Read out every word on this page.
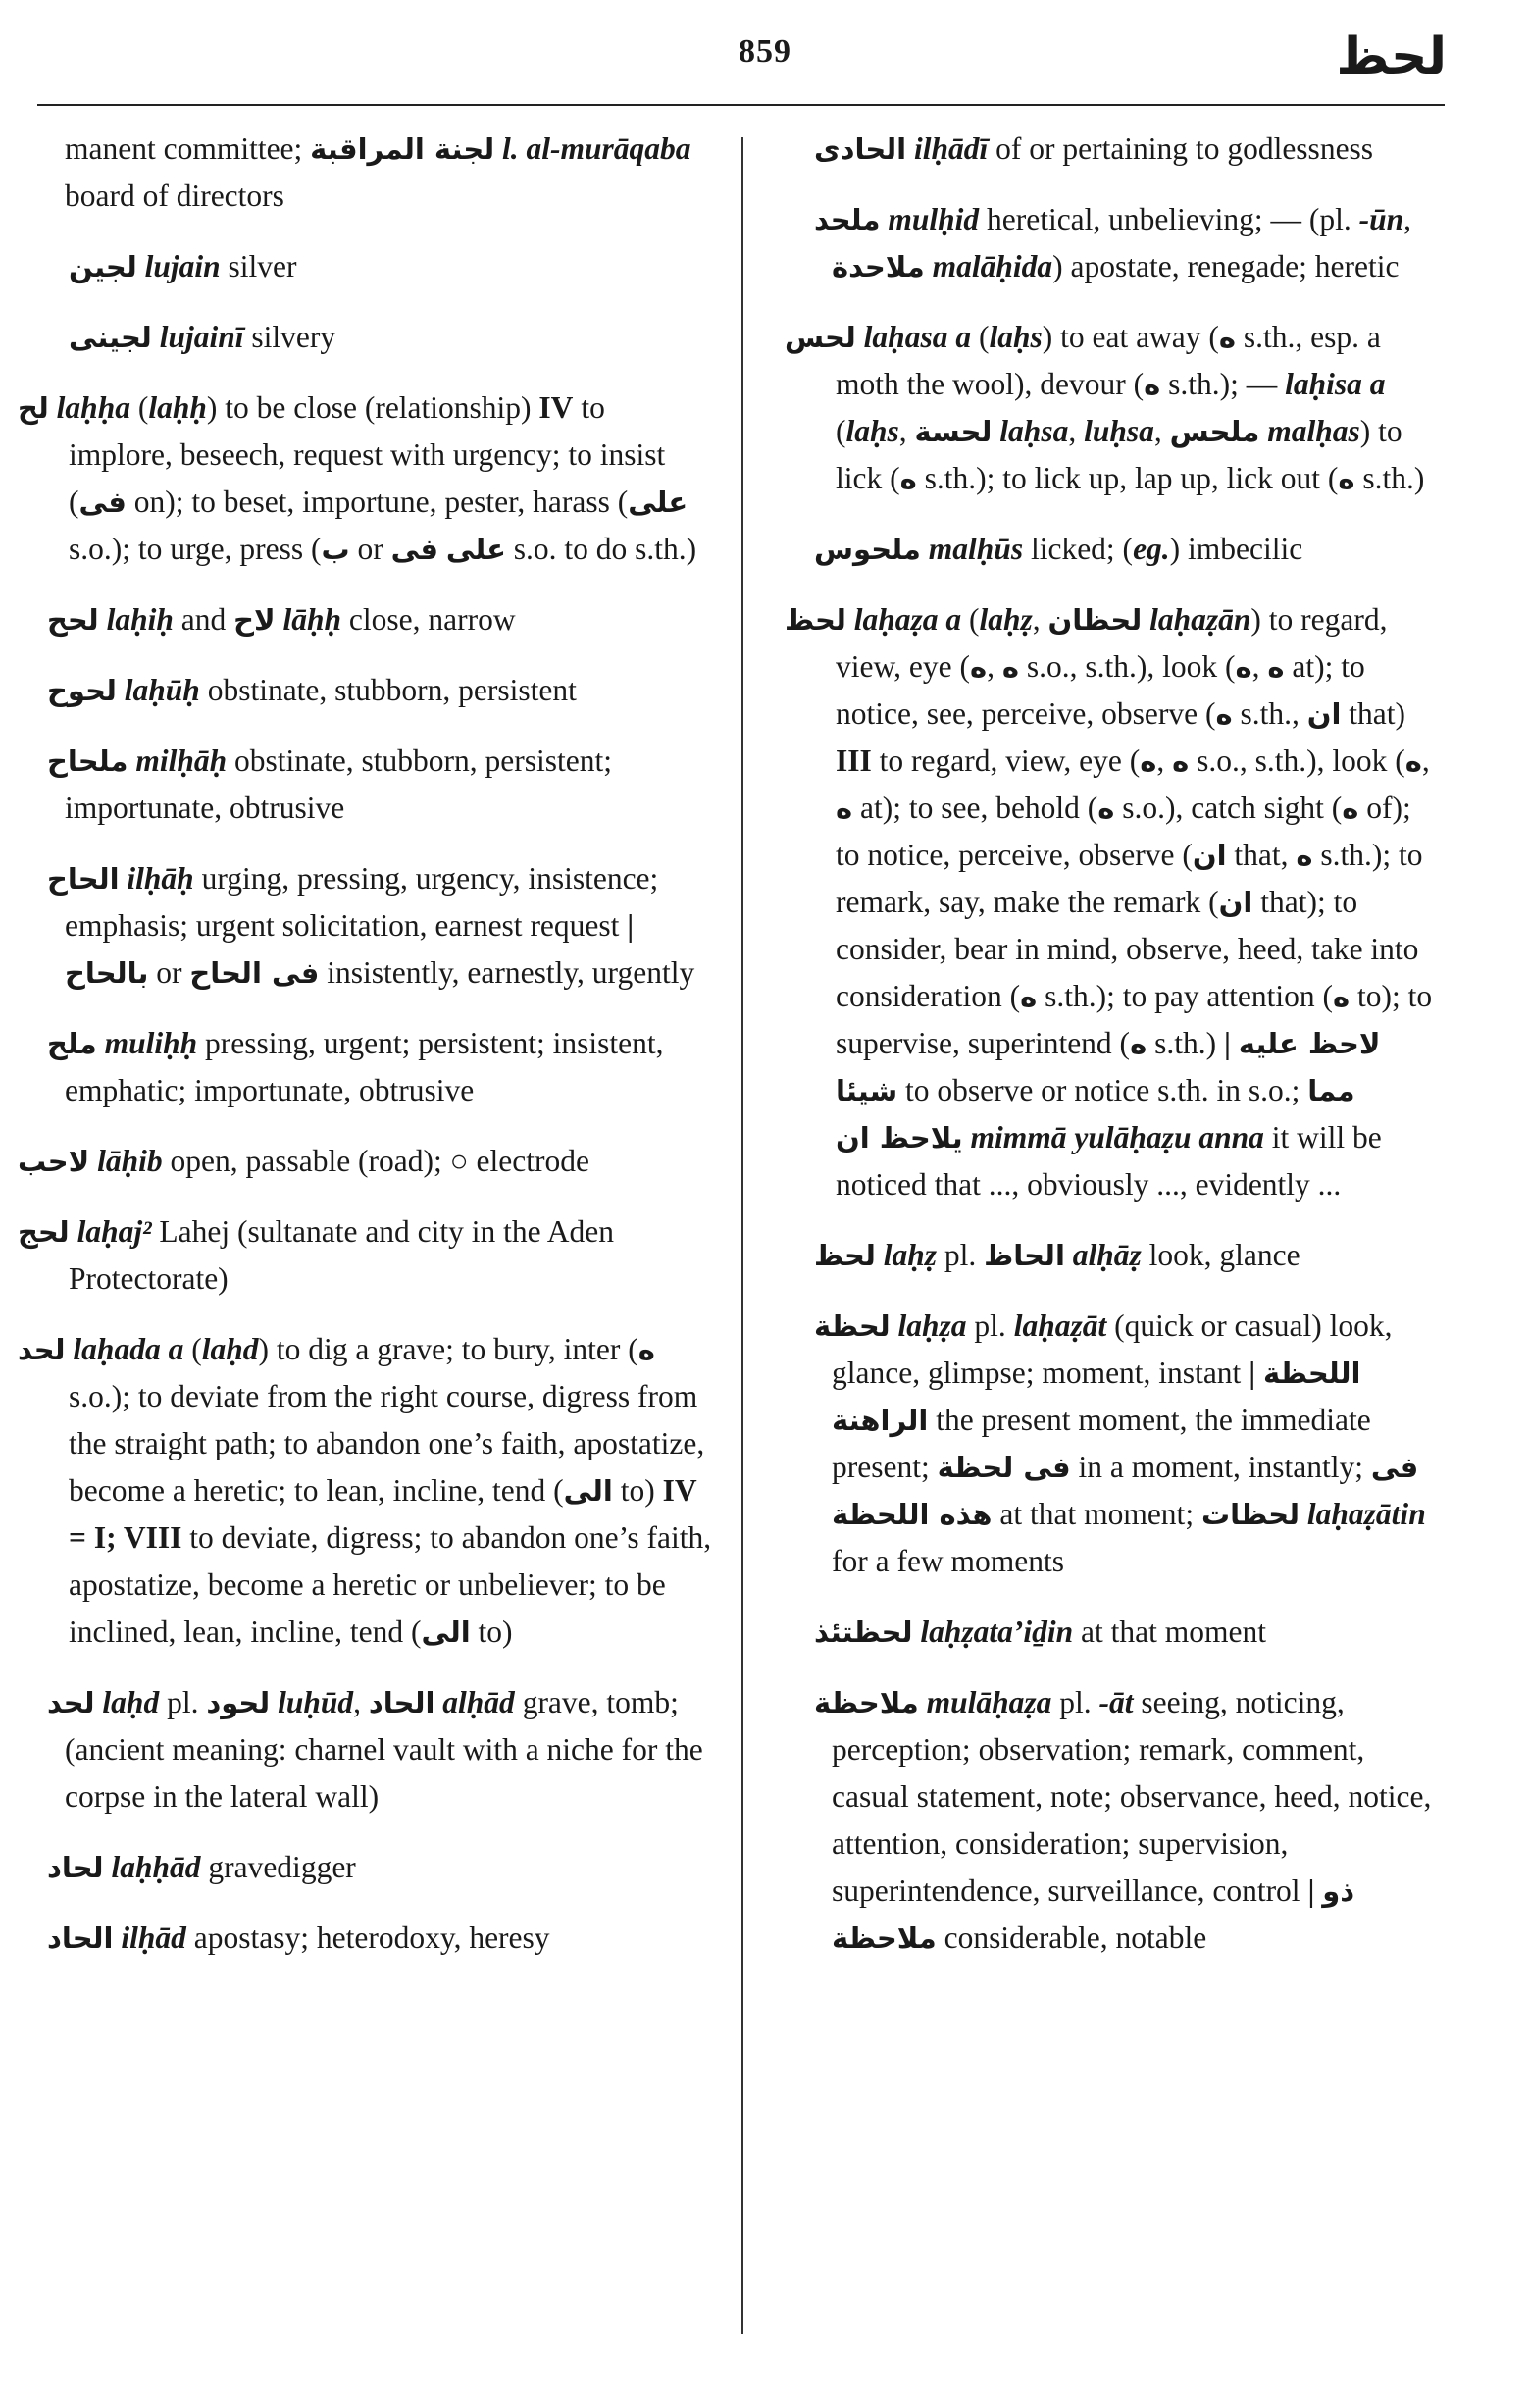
859	لحظ
manent committee; لجنة المراقبة l. al-murāqaba board of directors
لجين lujain silver
لجينى lujainī silvery
لح laḥḥa (laḥḥ) to be close (relationship) IV to implore, beseech, request with urgency; to insist (فى on); to beset, importune, pester, harass (على s.o.); to urge, press (ب or فى على s.o. to do s.th.)
لحح laḥiḥ and لاح lāḥḥ close, narrow
لحوح laḥūḥ obstinate, stubborn, persistent
ملحاح milḥāḥ obstinate, stubborn, persistent; importunate, obtrusive
الحاح ilḥāḥ urging, pressing, urgency, insistence; emphasis; urgent solicitation, earnest request | بالحاح or فى الحاح insistently, earnestly, urgently
ملح muliḥḥ pressing, urgent; persistent; insistent, emphatic; importunate, obtrusive
لاحب lāḥib open, passable (road); ○ electrode
لحج laḥaj² Lahej (sultanate and city in the Aden Protectorate)
لحد laḥada a (laḥd) to dig a grave; to bury, inter (ه s.o.); to deviate from the right course, digress from the straight path; to abandon one’s faith, apostatize, become a heretic; to lean, incline, tend (الى to) IV = I; VIII to deviate, digress; to abandon one’s faith, apostatize, become a heretic or unbeliever; to be inclined, lean, incline, tend (الى to)
لحد laḥd pl. لحود luḥūd, الحاد alḥād grave, tomb; (ancient meaning: charnel vault with a niche for the corpse in the lateral wall)
لحاد laḥḥād gravedigger
الحاد ilḥād apostasy; heterodoxy, heresy
الحادى ilḥādī of or pertaining to godlessness
ملحد mulḥid heretical, unbelieving; — (pl. -ūn, ملاحدة malāḥida) apostate, renegade; heretic
لحس laḥasa a (laḥs) to eat away (ه s.th., esp. a moth the wool), devour (ه s.th.); — laḥisa a (laḥs, لحسة laḥsa, luḥsa, ملحس malḥas) to lick (ه s.th.); to lick up, lap up, lick out (ه s.th.)
ملحوس malḥūs licked; (eg.) imbecilic
لحظ laḥaẓa a (laḥẓ, لحظان laḥaẓān) to regard, view, eye (ه, ه s.o., s.th.), look (ه, ه at); to notice, see, perceive, observe (ه s.th., ان that) III to regard, view, eye (ه, ه s.o., s.th.), look (ه, ه at); to see, behold (ه s.o.), catch sight (ه of); to notice, perceive, observe (ان that, ه s.th.); to remark, say, make the remark (ان that); to consider, bear in mind, observe, heed, take into consideration (ه s.th.); to pay attention (ه to); to supervise, superintend (ه s.th.) | لاحظ عليه شيئا to observe or notice s.th. in s.o.; مما يلاحظ ان mimmā yulāḥaẓu anna it will be noticed that ..., obviously ..., evidently ...
لحظ laḥẓ pl. الحاظ alḥāẓ look, glance
لحظة laḥẓa pl. laḥaẓāt (quick or casual) look, glance, glimpse; moment, instant | اللحظة الراهنة the present moment, the immediate present; فى لحظة in a moment, instantly; فى هذه اللحظة at that moment; لحظات laḥaẓātin for a few moments
لحظتئذ laḥẓata’iḏin at that moment
ملاحظة mulāḥaẓa pl. -āt seeing, noticing, perception; observation; remark, comment, casual statement, note; observance, heed, notice, attention, consideration; supervision, superintendence, surveillance, control | ذو ملاحظة considerable, notable
